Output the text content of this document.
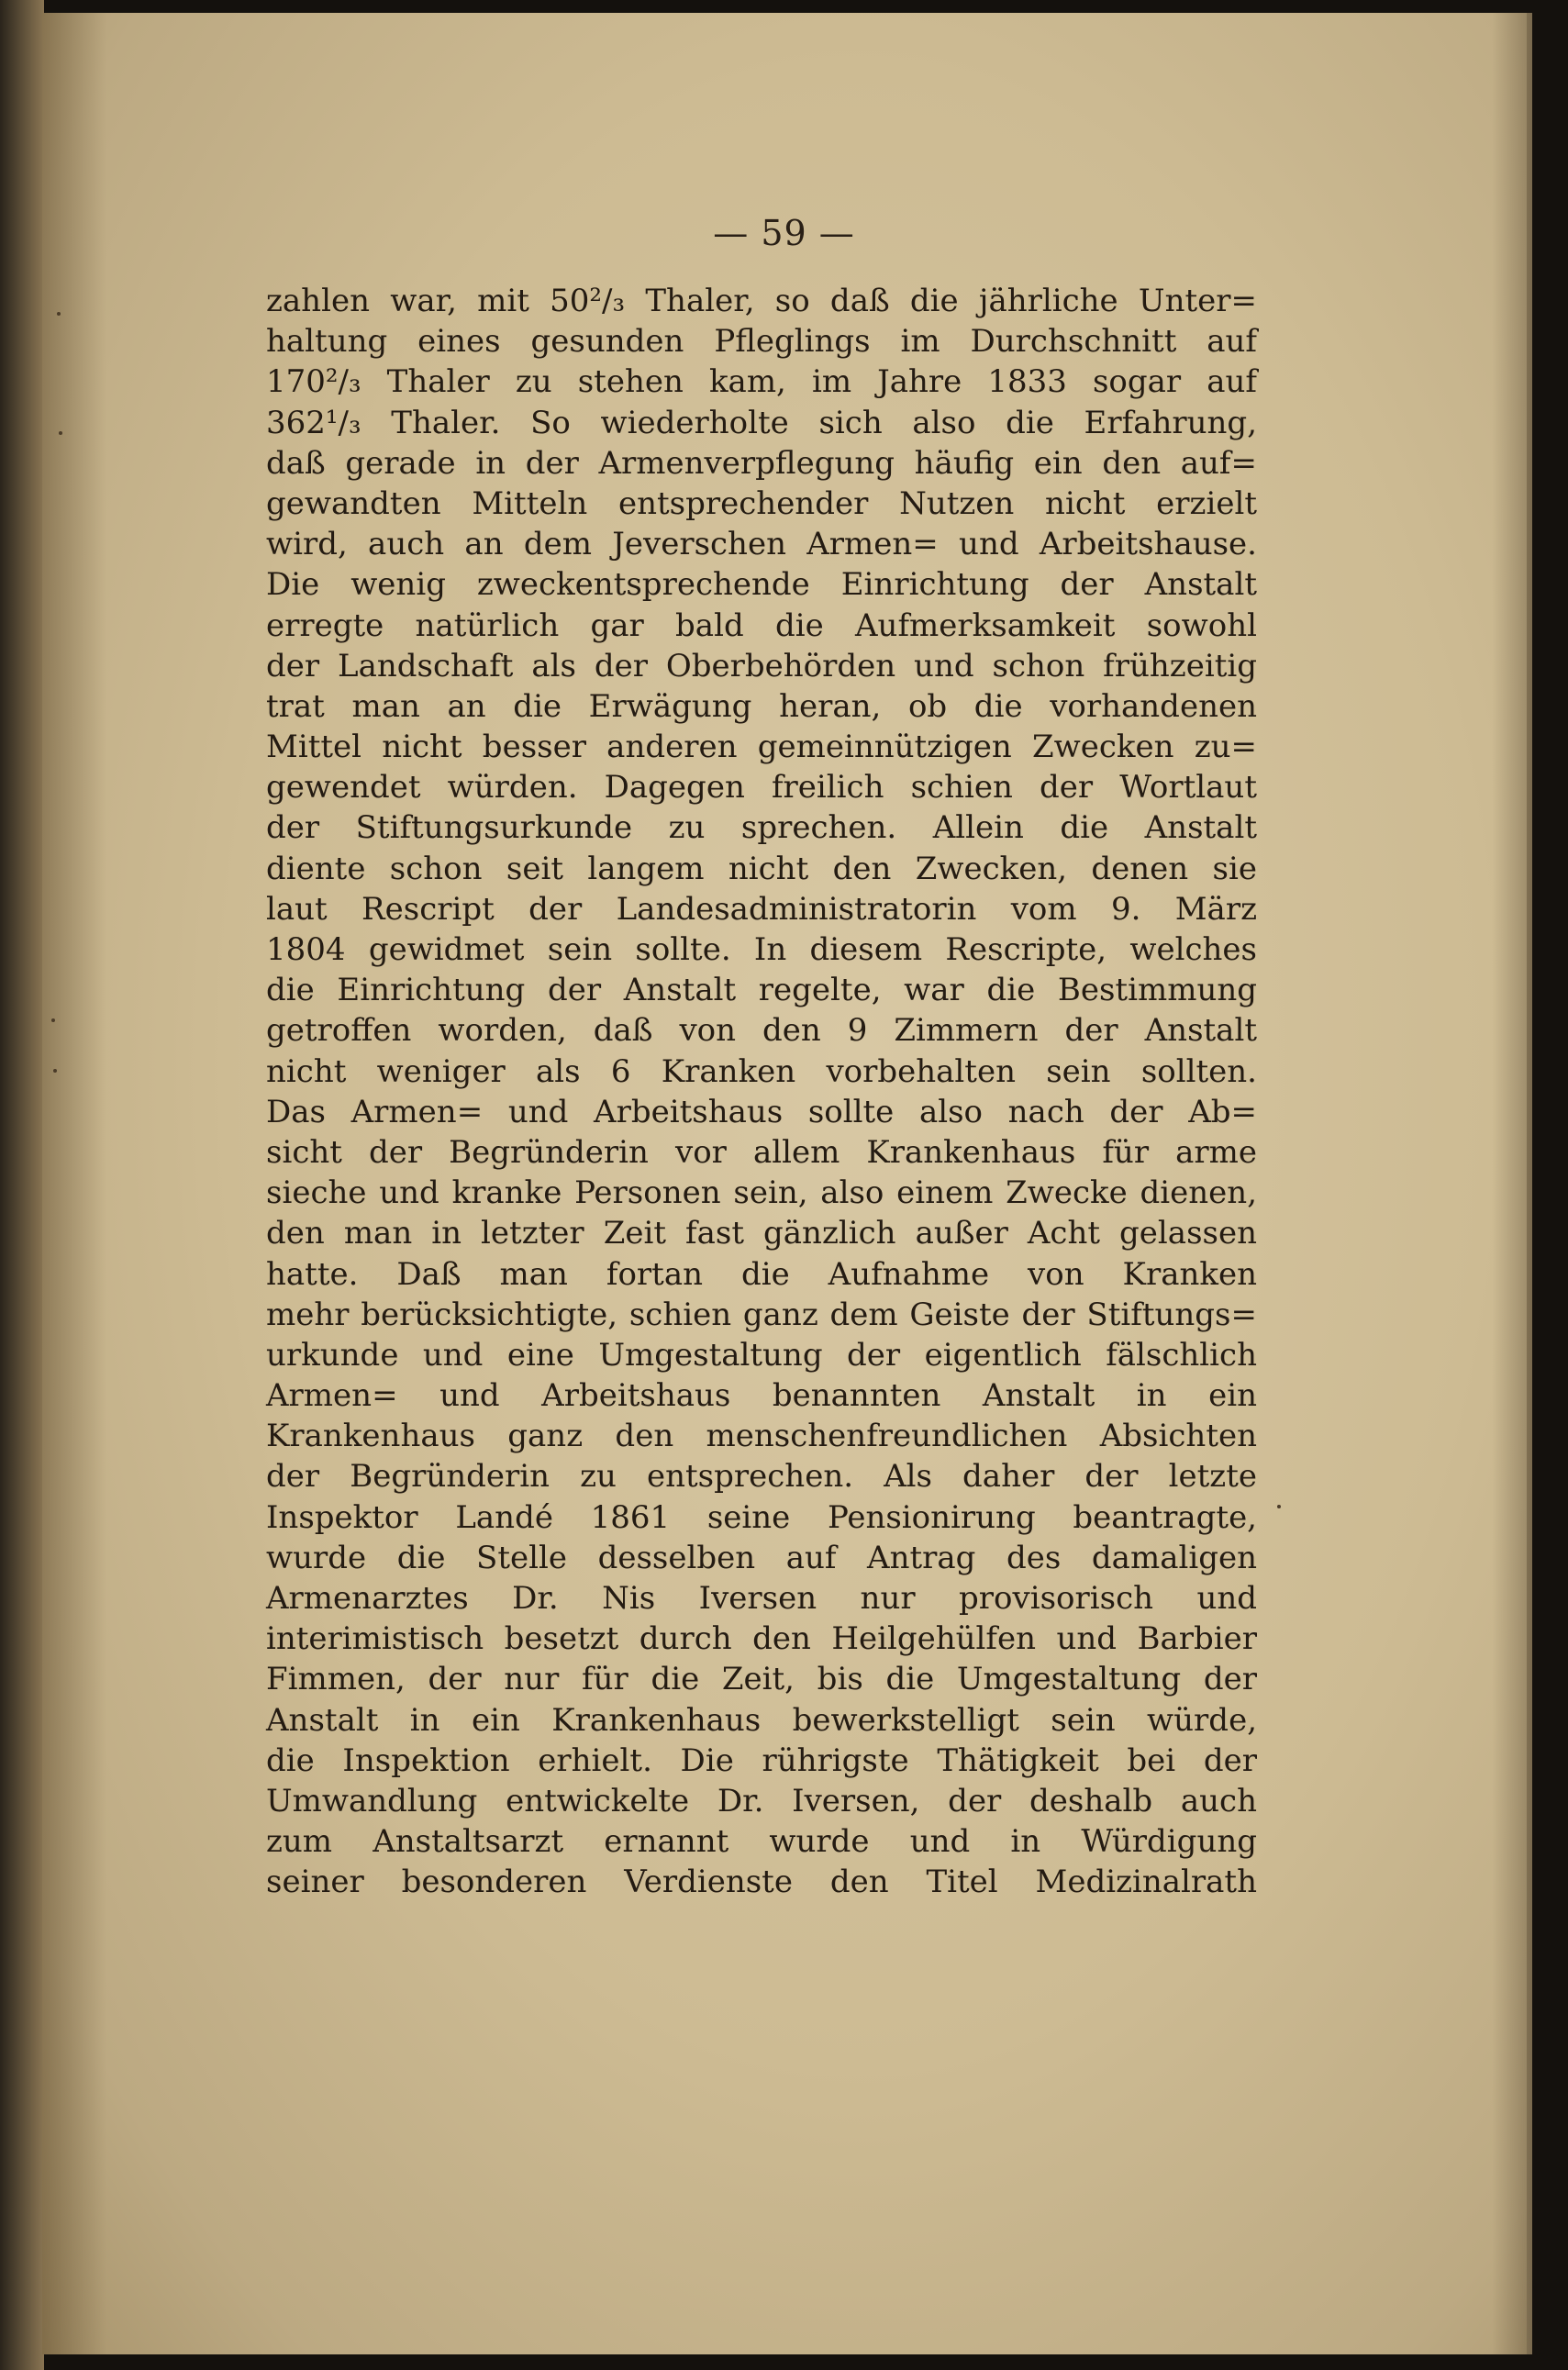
— 59 —
zahlen war, mit 50²/₃ Thaler, so daß die jährliche Unter=
haltung eines gesunden Pfleglings im Durchschnitt auf
170²/₃ Thaler zu stehen kam, im Jahre 1833 sogar auf
362¹/₃ Thaler. So wiederholte sich also die Erfahrung,
daß gerade in der Armenverpflegung häufig ein den auf=
gewandten Mitteln entsprechender Nutzen nicht erzielt
wird, auch an dem Jeverschen Armen= und Arbeitshause.
Die wenig zweckentsprechende Einrichtung der Anstalt
erregte natürlich gar bald die Aufmerksamkeit sowohl
der Landschaft als der Oberbehörden und schon frühzeitig
trat man an die Erwägung heran, ob die vorhandenen
Mittel nicht besser anderen gemeinnützigen Zwecken zu=
gewendet würden. Dagegen freilich schien der Wortlaut
der Stiftungsurkunde zu sprechen. Allein die Anstalt
diente schon seit langem nicht den Zwecken, denen sie
laut Rescript der Landesadministratorin vom 9. März
1804 gewidmet sein sollte. In diesem Rescripte, welches
die Einrichtung der Anstalt regelte, war die Bestimmung
getroffen worden, daß von den 9 Zimmern der Anstalt
nicht weniger als 6 Kranken vorbehalten sein sollten.
Das Armen= und Arbeitshaus sollte also nach der Ab=
sicht der Begründerin vor allem Krankenhaus für arme
sieche und kranke Personen sein, also einem Zwecke dienen,
den man in letzter Zeit fast gänzlich außer Acht gelassen
hatte. Daß man fortan die Aufnahme von Kranken
mehr berücksichtigte, schien ganz dem Geiste der Stiftungs=
urkunde und eine Umgestaltung der eigentlich fälschlich
Armen= und Arbeitshaus benannten Anstalt in ein
Krankenhaus ganz den menschenfreundlichen Absichten
der Begründerin zu entsprechen. Als daher der letzte
Inspektor Landé 1861 seine Pensionirung beantragte,
wurde die Stelle desselben auf Antrag des damaligen
Armenarztes Dr. Nis Iversen nur provisorisch und
interimistisch besetzt durch den Heilgehülfen und Barbier
Fimmen, der nur für die Zeit, bis die Umgestaltung der
Anstalt in ein Krankenhaus bewerkstelligt sein würde,
die Inspektion erhielt. Die rührigste Thätigkeit bei der
Umwandlung entwickelte Dr. Iversen, der deshalb auch
zum Anstaltsarzt ernannt wurde und in Würdigung
seiner besonderen Verdienste den Titel Medizinalrath
